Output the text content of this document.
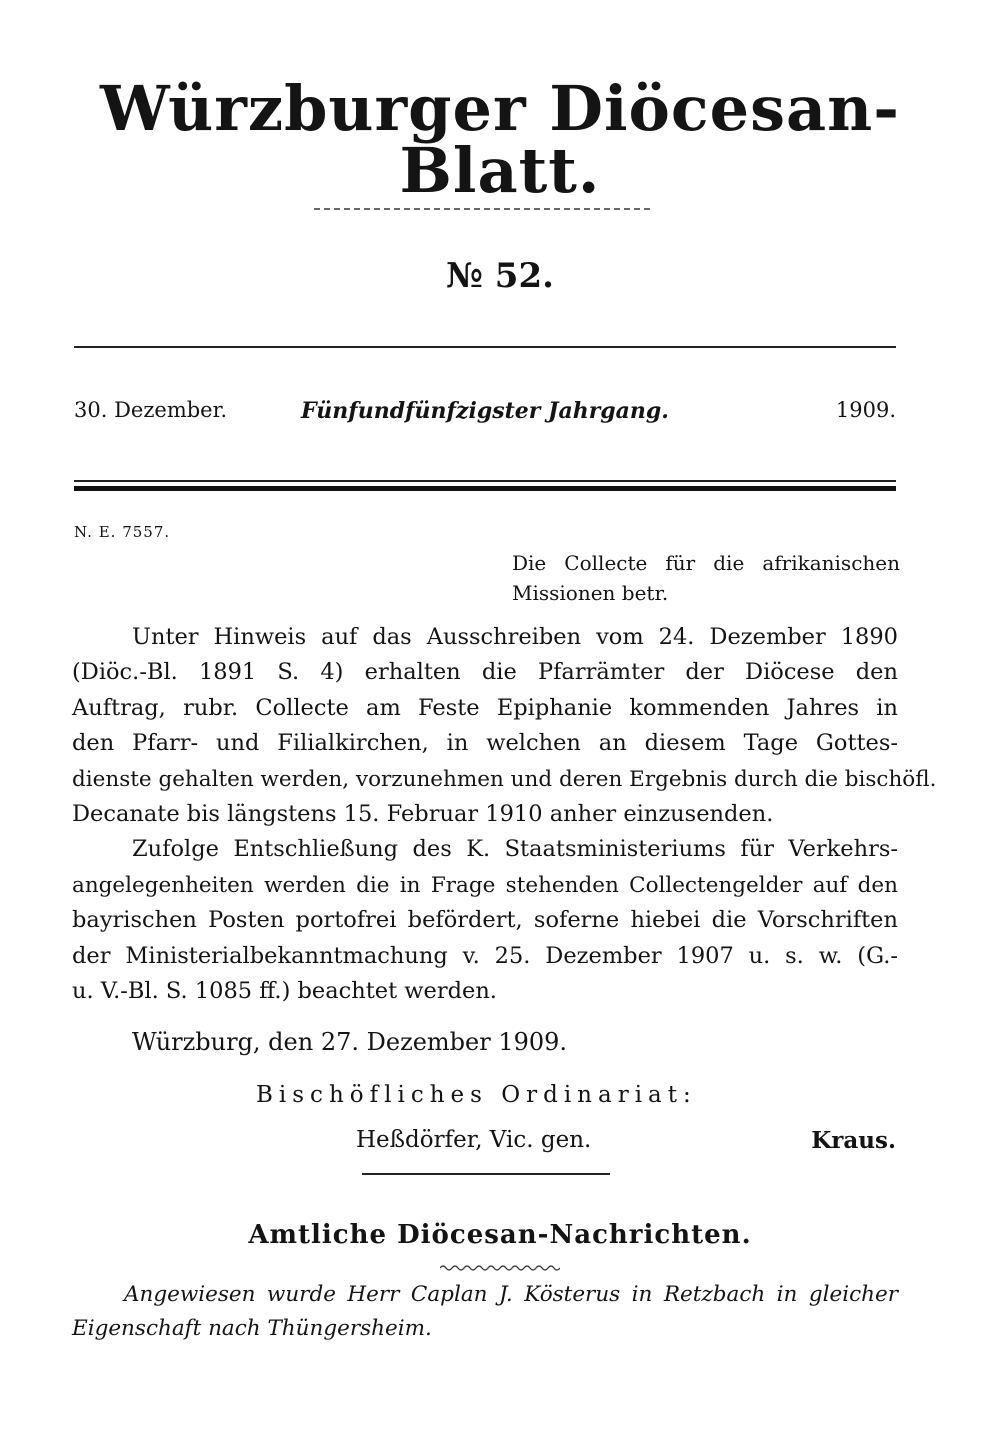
Würzburger Diöcesan-Blatt.
№ 52.
30. Dezember.	Fünfundfünfzigster Jahrgang.	1909.
N. E. 7557.
Die Collecte für die afrikanischen
Missionen betr.
Unter Hinweis auf das Ausschreiben vom 24. Dezember 1890
(Diöc.-Bl. 1891 S. 4) erhalten die Pfarrämter der Diöcese den
Auftrag, rubr. Collecte am Feste Epiphanie kommenden Jahres in
den Pfarr- und Filialkirchen, in welchen an diesem Tage Gottes-
dienste gehalten werden, vorzunehmen und deren Ergebnis durch die bischöfl.
Decanate bis längstens 15. Februar 1910 anher einzusenden.
Zufolge Entschließung des K. Staatsministeriums für Verkehrs-
angelegenheiten werden die in Frage stehenden Collectengelder auf den
bayrischen Posten portofrei befördert, soferne hiebei die Vorschriften
der Ministerialbekanntmachung v. 25. Dezember 1907 u. s. w. (G.-
u. V.-Bl. S. 1085 ff.) beachtet werden.
Würzburg, den 27. Dezember 1909.
Bischöfliches Ordinariat:
Heßdörfer, Vic. gen.	Kraus.
Amtliche Diöcesan-Nachrichten.
Angewiesen wurde Herr Caplan J. Kösterus in Retzbach in gleicher
Eigenschaft nach Thüngersheim.
